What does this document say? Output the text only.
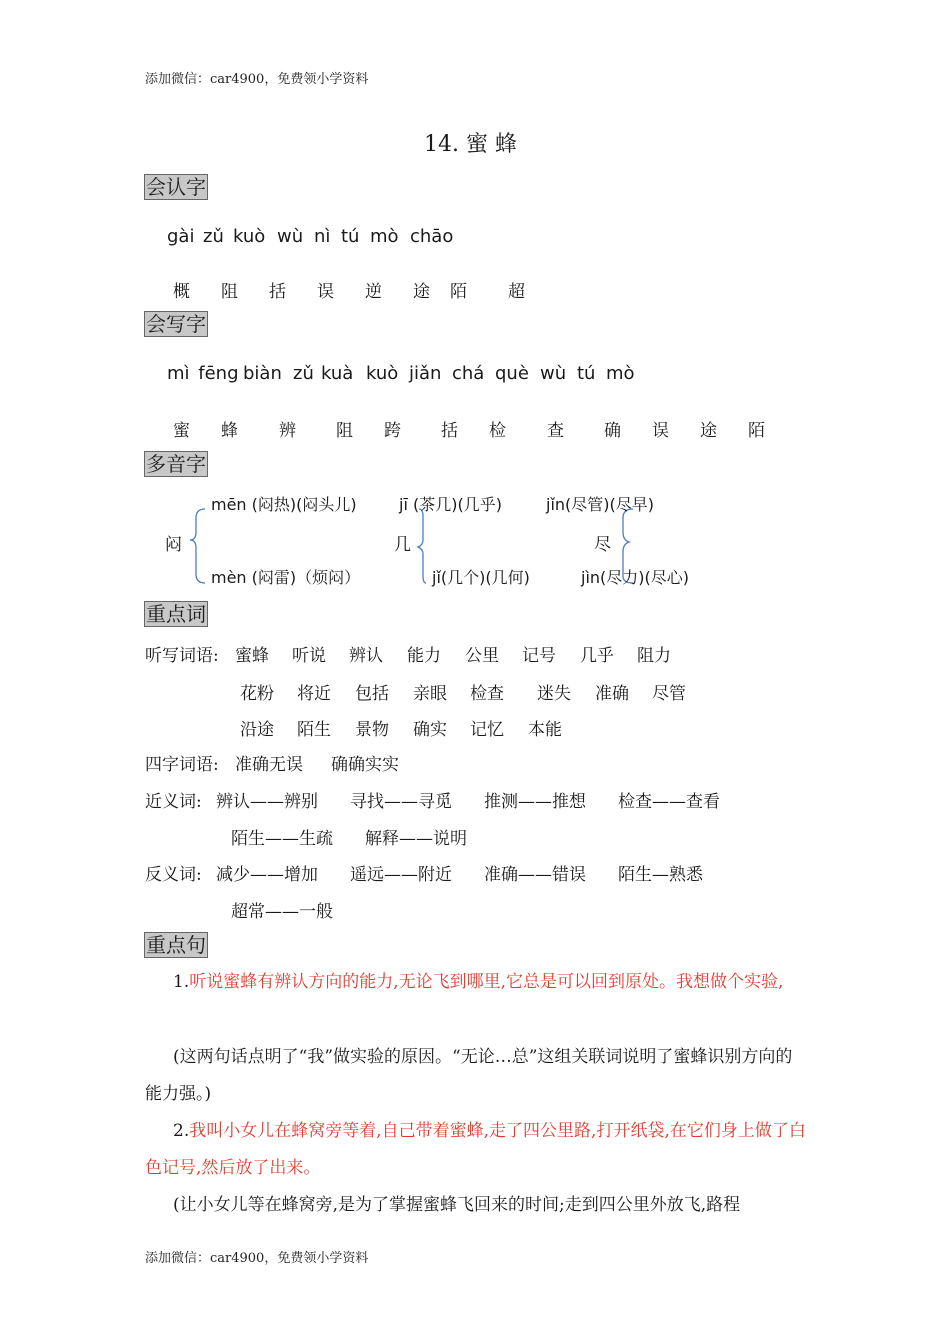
添加微信：car4900，免费领小学资料
14. 蜜 蜂
会认字
gài zǔ kuò wù nì tú mò chāo
概 阻 括 误 逆 途 陌 超
会写字
mì fēng biàn zǔ kuà kuò jiǎn chá què wù tú mò
蜜 蜂 辨 阻 跨 括 检 查 确 误 途 陌
多音字
闷
mēn (闷热)(闷头儿)
mèn (闷雷)（烦闷）
几
jī (茶几)(几乎)
jǐ(几个)(几何)
尽
jǐn(尽管)(尽早)
jìn(尽力)(尽心)
重点词
听写词语: 蜜蜂 听说 辨认 能力 公里 记号 几乎 阻力
花粉 将近 包括 亲眼 检查 迷失 准确 尽管
沿途 陌生 景物 确实 记忆 本能
四字词语: 准确无误 确确实实
近义词: 辨认——辨别 寻找——寻觅 推测——推想 检查——查看
陌生——生疏 解释——说明
反义词: 减少——增加 遥远——附近 准确——错误 陌生—熟悉
超常——一般
重点句
1.听说蜜蜂有辨认方向的能力,无论飞到哪里,它总是可以回到原处。我想做个实验,
(这两句话点明了“我”做实验的原因。“无论…总”这组关联词说明了蜜蜂识别方向的能力强。)
2.我叫小女儿在蜂窝旁等着,自己带着蜜蜂,走了四公里路,打开纸袋,在它们身上做了白色记号,然后放了出来。
(让小女儿等在蜂窝旁,是为了掌握蜜蜂飞回来的时间;走到四公里外放飞,路程
添加微信：car4900，免费领小学资料
